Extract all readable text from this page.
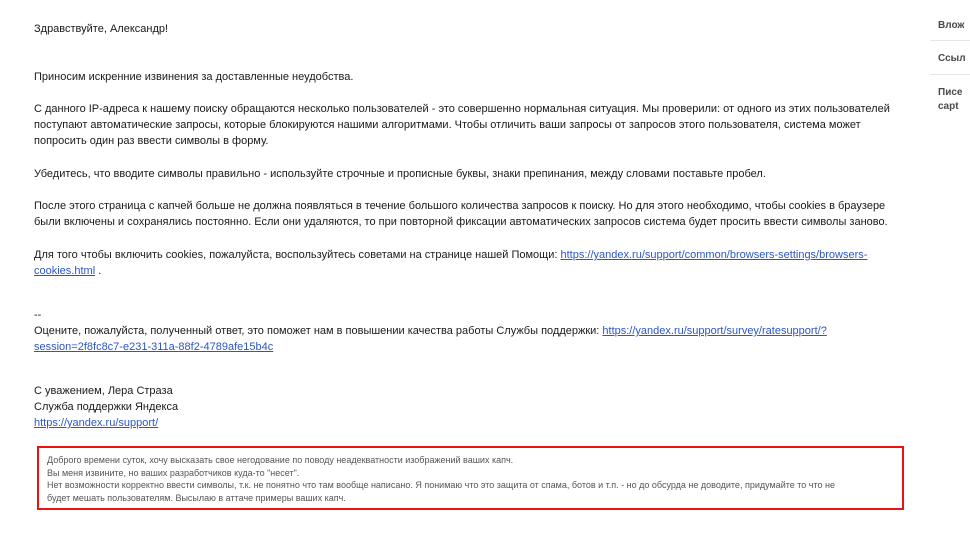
Здравствуйте, Александр!

Приносим искренние извинения за доставленные неудобства.

С данного IP-адреса к нашему поиску обращаются несколько пользователей - это совершенно нормальная ситуация. Мы проверили: от одного из этих пользователей
поступают автоматические запросы, которые блокируются нашими алгоритмами. Чтобы отличить ваши запросы от запросов этого пользователя, система может
попросить один раз ввести символы в форму.

Убедитесь, что вводите символы правильно - используйте строчные и прописные буквы, знаки препинания, между словами поставьте пробел.

После этого страница с капчей больше не должна появляться в течение большого количества запросов к поиску. Но для этого необходимо, чтобы cookies в браузере
были включены и сохранялись постоянно. Если они удаляются, то при повторной фиксации автоматических запросов система будет просить ввести символы заново.

Для того чтобы включить cookies, пожалуйста, воспользуйтесь советами на странице нашей Помощи: https://yandex.ru/support/common/browsers-settings/browsers-
cookies.html .

--

Оцените, пожалуйста, полученный ответ, это поможет нам в повышении качества работы Службы поддержки: https://yandex.ru/support/survey/ratesupport/?
session=2f8fc8c7-e231-311a-88f2-4789afe15b4c

С уважением, Лера Страза
Служба поддержки Яндекса
https://yandex.ru/support/

Доброго времени суток, хочу высказать свое негодование по поводу неадекватности изображений ваших капч.
Вы меня извините, но ваших разработчиков куда-то "несет".
Нет возможности корректно ввести символы, т.к. не понятно что там вообще написано. Я понимаю что это защита от спама, ботов и т.п. - но до обсурда не доводите, придумайте то что не
будет мешать пользователям. Высылаю в аттаче примеры ваших капч.
Влож
Ссыл
Писе
capt
